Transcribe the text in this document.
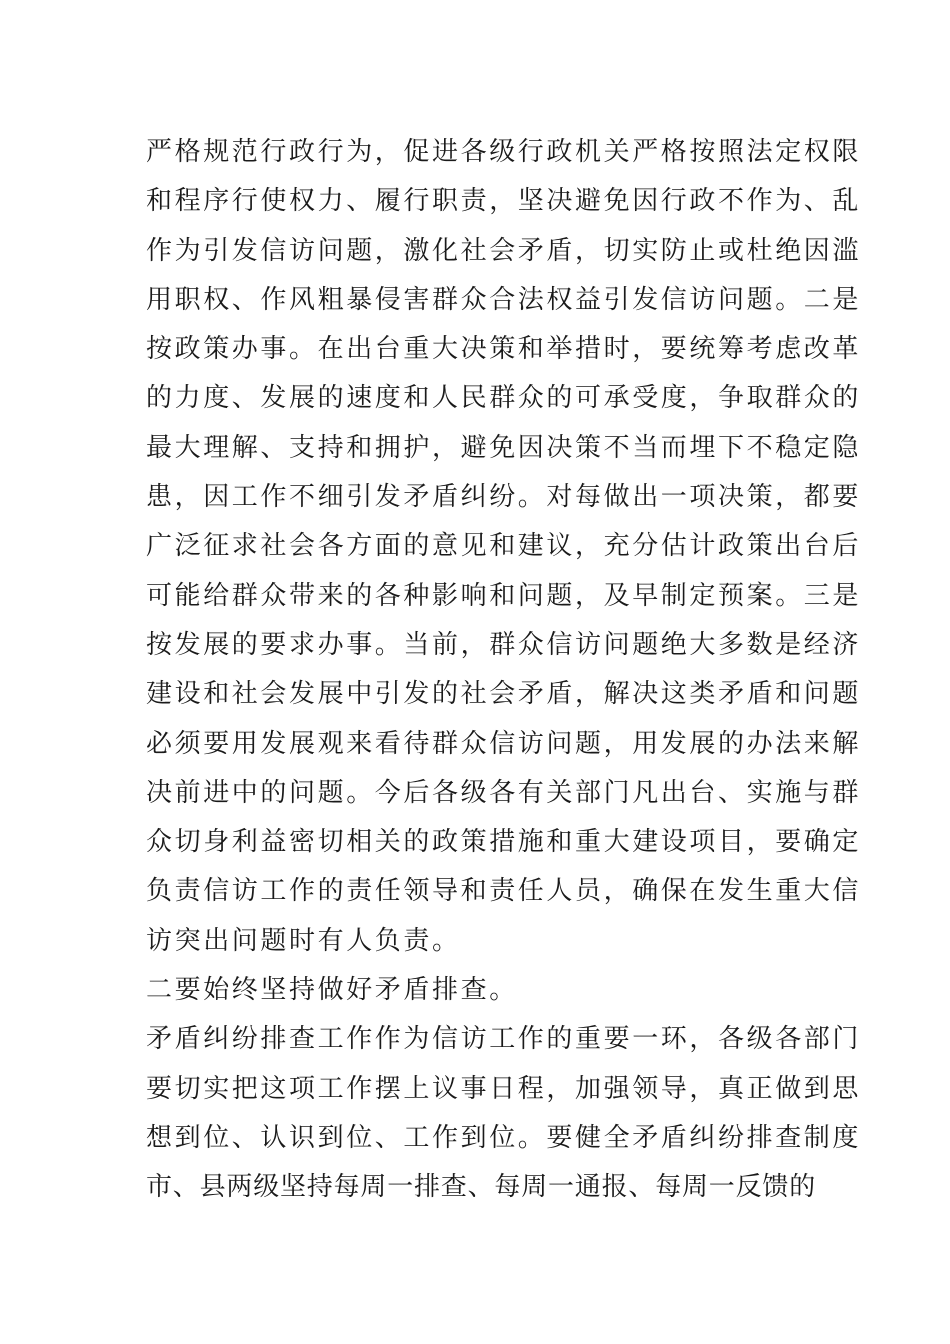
严格规范行政行为，促进各级行政机关严格按照法定权限
和程序行使权力、履行职责，坚决避免因行政不作为、乱
作为引发信访问题，激化社会矛盾，切实防止或杜绝因滥
用职权、作风粗暴侵害群众合法权益引发信访问题。二是
按政策办事。在出台重大决策和举措时，要统筹考虑改革
的力度、发展的速度和人民群众的可承受度，争取群众的
最大理解、支持和拥护，避免因决策不当而埋下不稳定隐
患，因工作不细引发矛盾纠纷。对每做出一项决策，都要
广泛征求社会各方面的意见和建议，充分估计政策出台后
可能给群众带来的各种影响和问题，及早制定预案。三是
按发展的要求办事。当前，群众信访问题绝大多数是经济
建设和社会发展中引发的社会矛盾，解决这类矛盾和问题
必须要用发展观来看待群众信访问题，用发展的办法来解
决前进中的问题。今后各级各有关部门凡出台、实施与群
众切身利益密切相关的政策措施和重大建设项目，要确定
负责信访工作的责任领导和责任人员，确保在发生重大信
访突出问题时有人负责。
二要始终坚持做好矛盾排查。
矛盾纠纷排查工作作为信访工作的重要一环，各级各部门
要切实把这项工作摆上议事日程，加强领导，真正做到思
想到位、认识到位、工作到位。要健全矛盾纠纷排查制度
市、县两级坚持每周一排查、每周一通报、每周一反馈的
